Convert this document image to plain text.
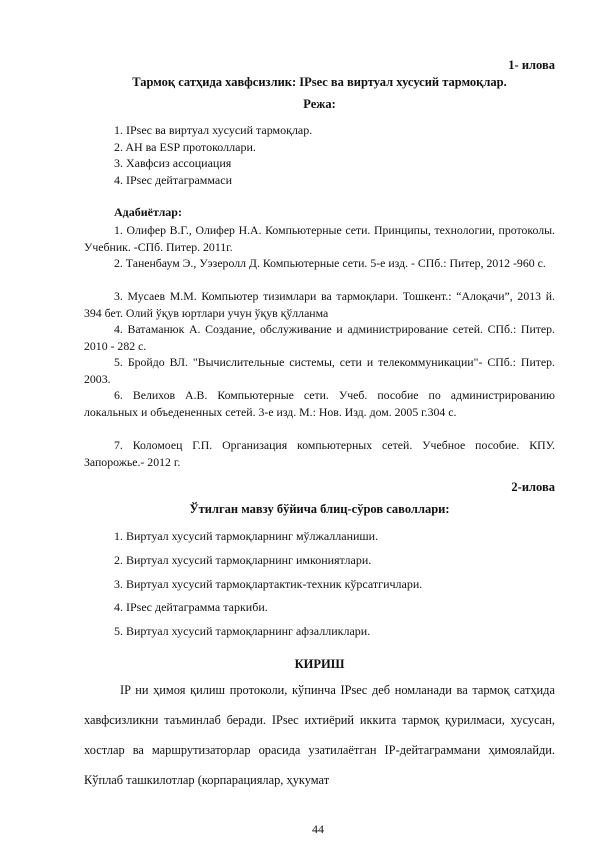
1- илова
Тармоқ сатҳида хавфсизлик: IPsec ва виртуал хусусий тармоқлар.
Режа:
1. IPsec ва виртуал хусусий тармоқлар.
2. AH ва ESP протоколлари.
3. Хавфсиз ассоциация
4. IPsec дейтаграммаси
Адабиётлар:
1. Олифер В.Г., Олифер Н.А. Компьютерные сети. Принципы, технологии, протоколы. Учебник. -СПб. Питер. 2011г.
2. Таненбаум Э., Уэзеролл Д. Компьютерные сети. 5-е изд. - СПб.: Питер, 2012 -960 с.
3. Мусаев М.М. Компьютер тизимлари ва тармоқлари. Тошкент.: “Алоқачи”, 2013 й. 394 бет. Олий ўқув юртлари учун ўқув қўлланма
4. Ватаманюк А. Создание, обслуживание и администрирование сетей. СПб.: Питер. 2010 - 282 с.
5. Бройдо ВЛ. "Вычислительные системы, сети и телекоммуникации"- СПб.: Питер. 2003.
6. Велихов А.В. Компьютерные сети. Учеб. пособие по администрированию локальных и объедененных сетей. 3-е изд. М.: Нов. Изд. дом. 2005 г.304 с.
7. Коломоец Г.П. Организация компьютерных сетей. Учебное пособие. КПУ. Запорожье.- 2012 г.
2-илова
Ўтилган мавзу бўйича блиц-сўров саволлари:
1. Виртуал хусусий тармоқларнинг мўлжалланиши.
2. Виртуал хусусий тармоқларнинг имкониятлари.
3. Виртуал хусусий тармоқлартактик-техник кўрсатгичлари.
4. IPsec дейтаграмма таркиби.
5. Виртуал хусусий тармоқларнинг афзалликлари.
КИРИШ
IP ни ҳимоя қилиш протоколи, кўпинча IPsec деб номланади ва тармоқ сатҳида хавфсизликни таъминлаб беради. IPsec ихтиёрий иккита тармоқ қурилмаси, хусусан, хостлар ва маршрутизаторлар орасида узатилаётган IP-дейтаграммани ҳимоялайди. Кўплаб ташкилотлар (корпарациялар, ҳукумат
44
